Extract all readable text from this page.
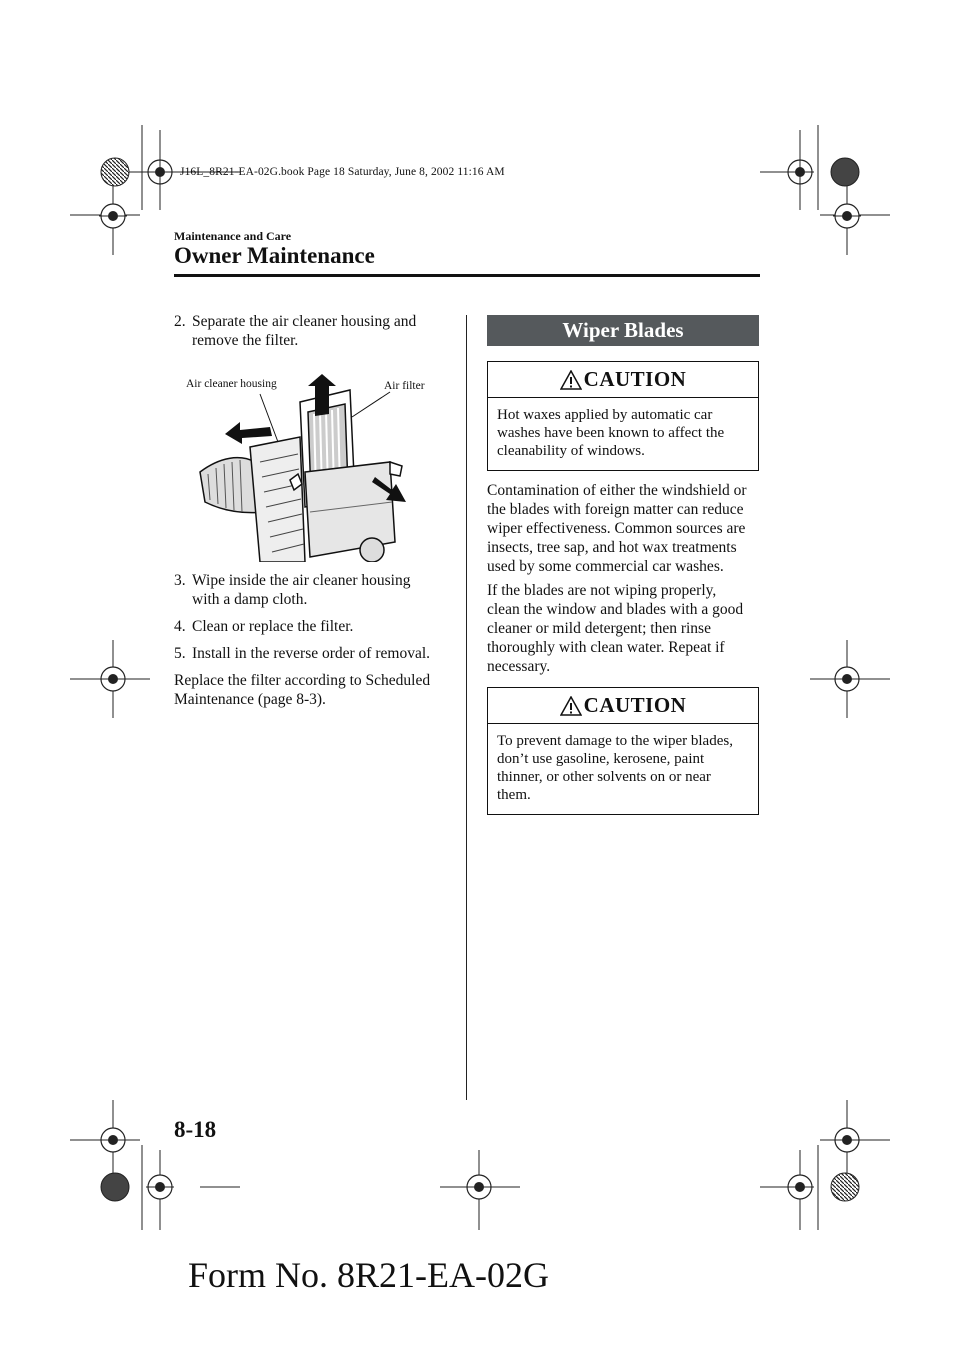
J16L_8R21-EA-02G.book Page 18 Saturday, June 8, 2002 11:16 AM
Maintenance and Care
Owner Maintenance
2. Separate the air cleaner housing and
remove the filter.
Air cleaner housing	Air filter
3. Wipe inside the air cleaner housing
with a damp cloth.
4. Clean or replace the filter.
5. Install in the reverse order of removal.
Replace the filter according to Scheduled
Maintenance (page 8-3).
Wiper Blades
CAUTION
Hot waxes applied by automatic car
washes have been known to affect the
cleanability of windows.
Contamination of either the windshield or
the blades with foreign matter can reduce
wiper effectiveness. Common sources are
insects, tree sap, and hot wax treatments
used by some commercial car washes.
If the blades are not wiping properly,
clean the window and blades with a good
cleaner or mild detergent; then rinse
thoroughly with clean water. Repeat if
necessary.
CAUTION
To prevent damage to the wiper blades,
don’t use gasoline, kerosene, paint
thinner, or other solvents on or near
them.
8-18
Form No. 8R21-EA-02G
